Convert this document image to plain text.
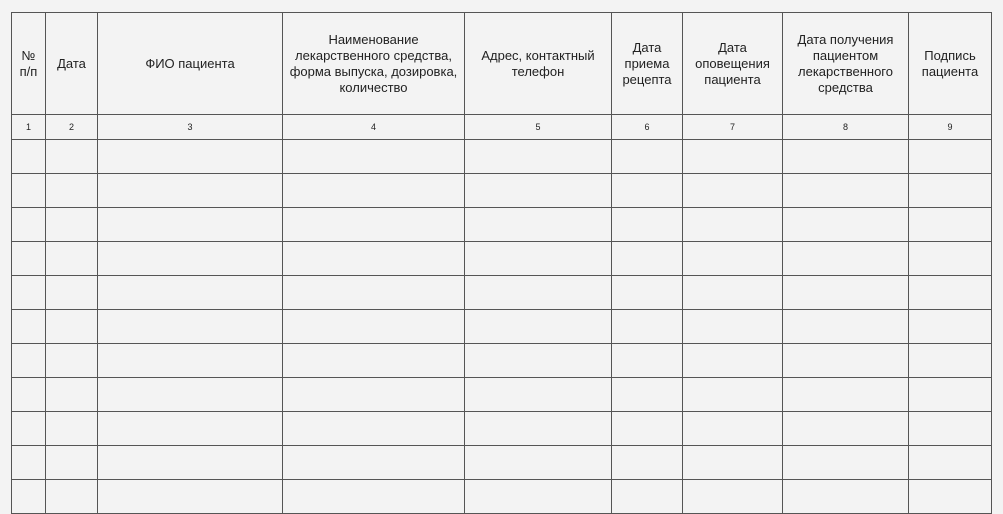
№ п/п	Дата	ФИО пациента	Наименование лекарственного средства, форма выпуска, дозировка, количество	Адрес, контактный телефон	Дата приема рецепта	Дата оповещения пациента	Дата получения пациентом лекарственного средства	Подпись пациента
1	2	3	4	5	6	7	8	9
